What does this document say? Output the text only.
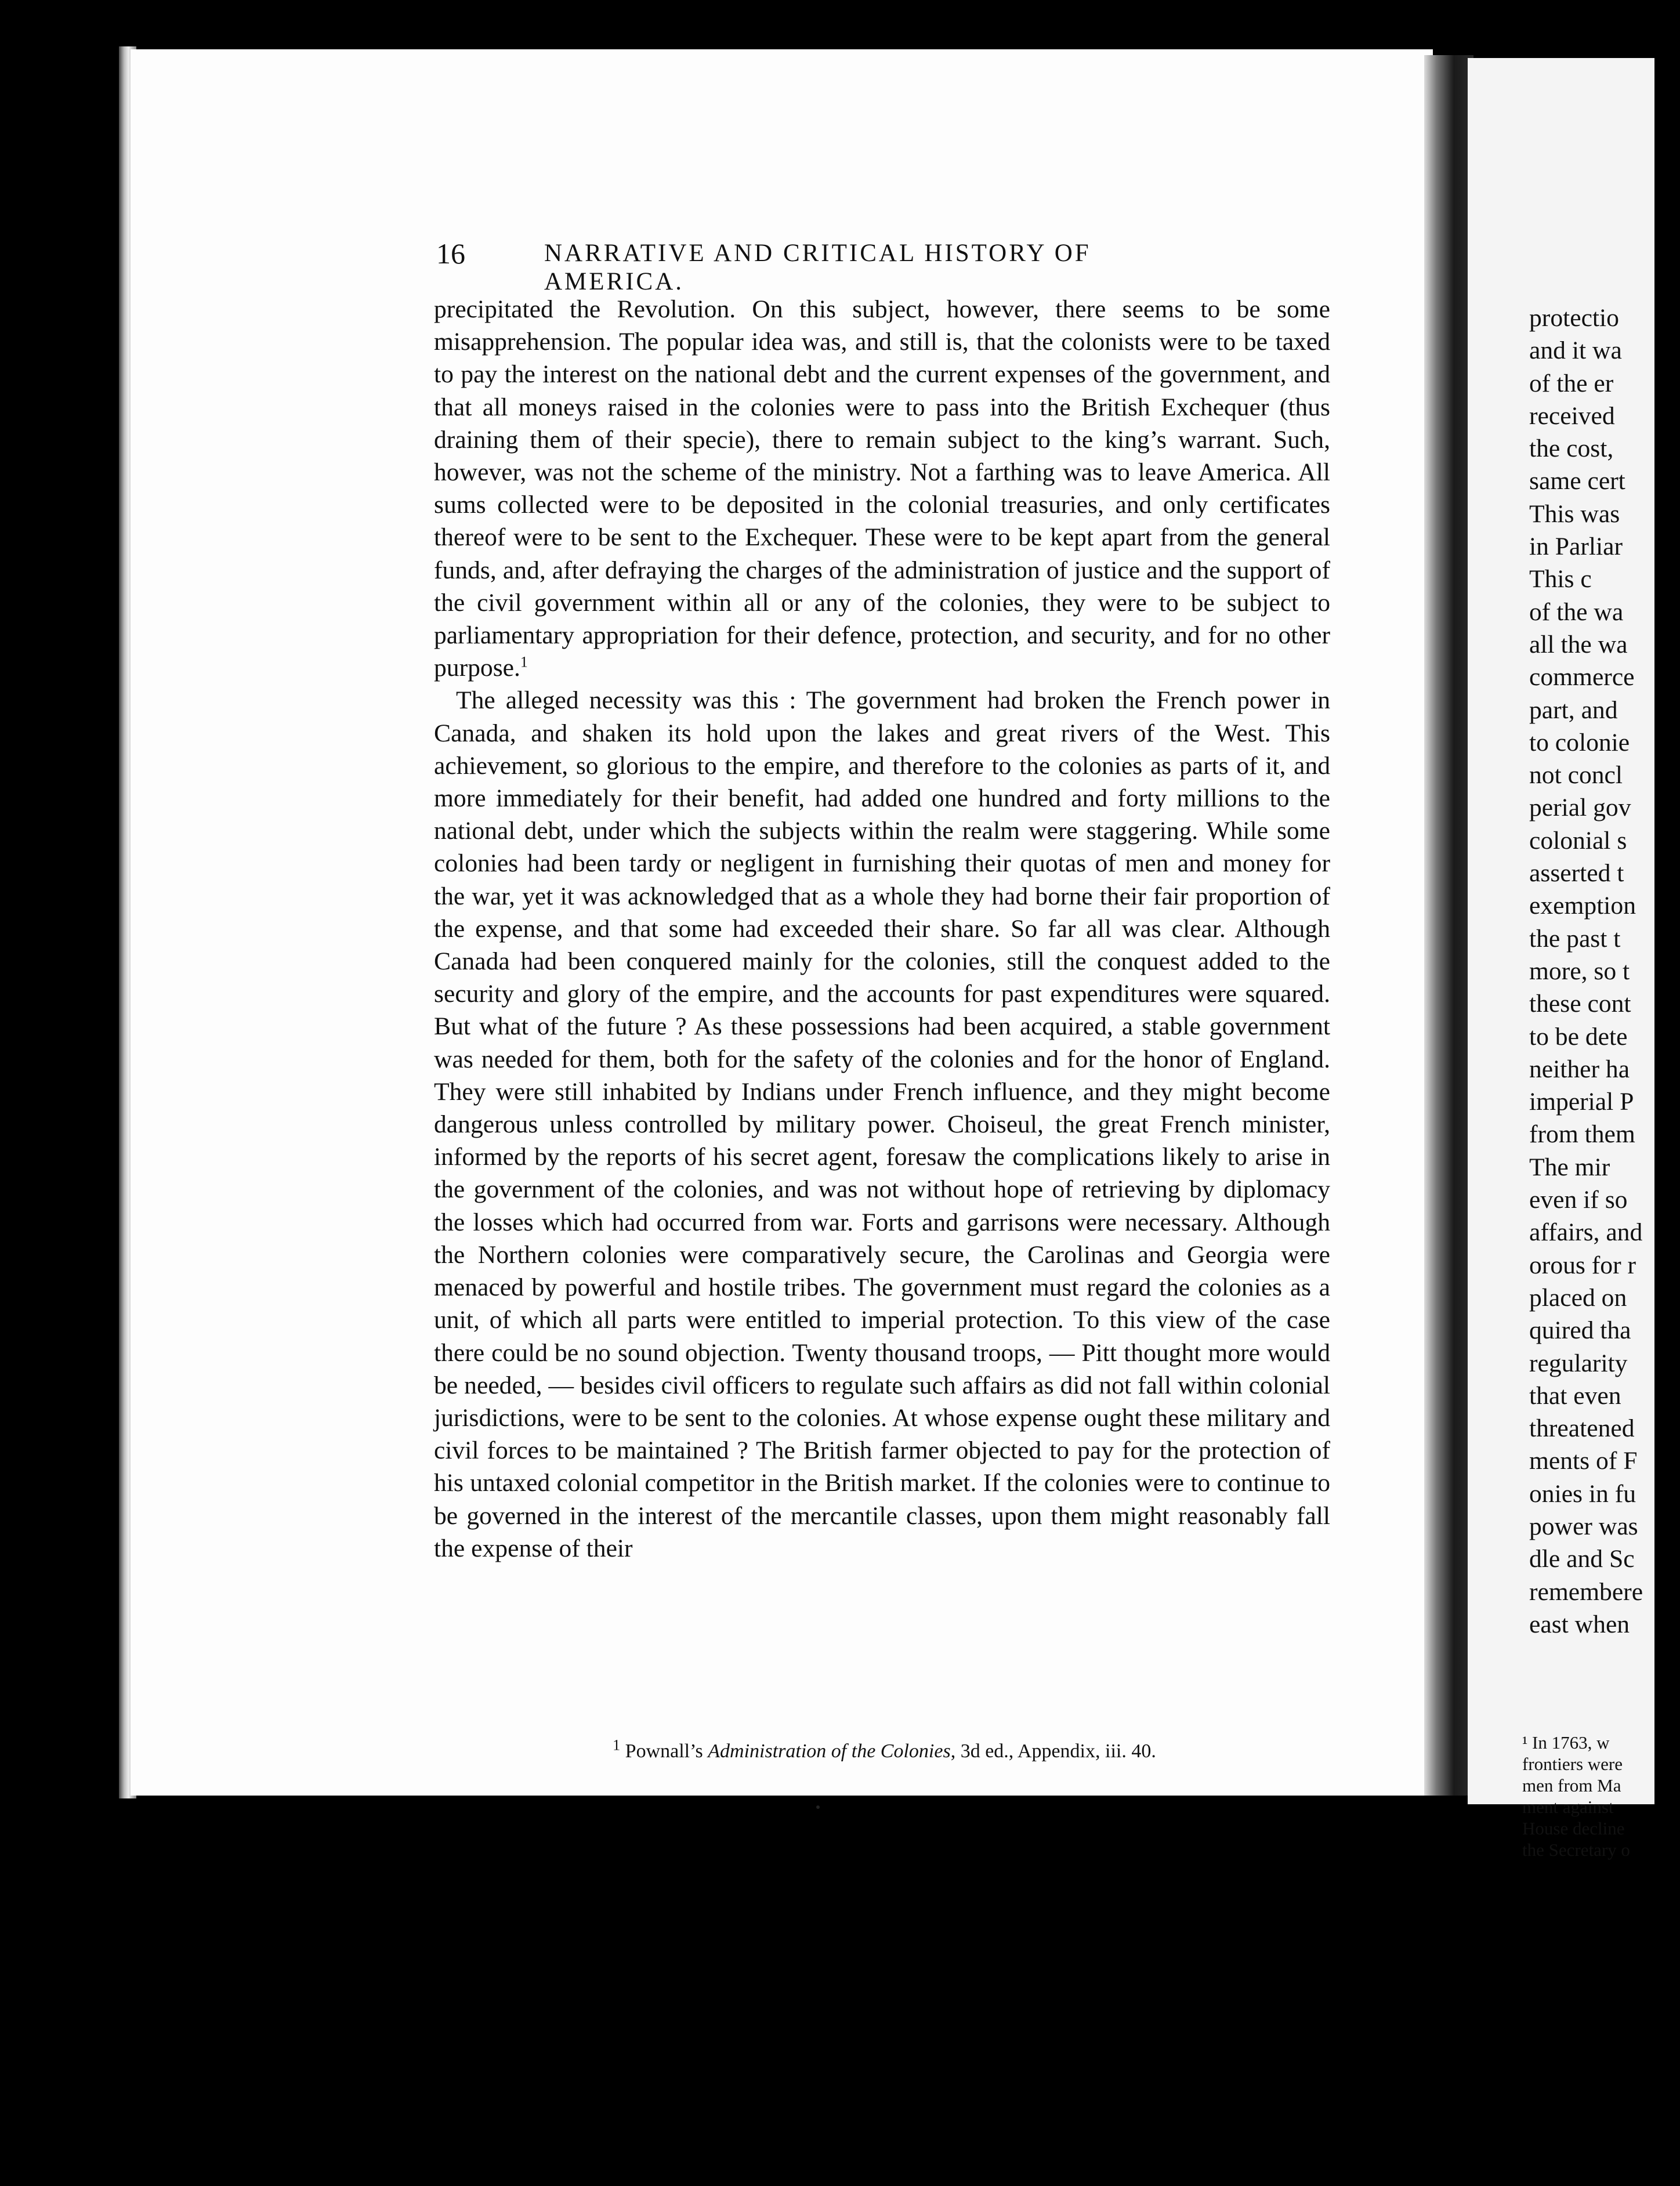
16	NARRATIVE AND CRITICAL HISTORY OF AMERICA.

precipitated the Revolution. On this subject, however, there seems to be some misapprehension. The popular idea was, and still is, that the colonists were to be taxed to pay the interest on the national debt and the current expenses of the government, and that all moneys raised in the colonies were to pass into the British Exchequer (thus draining them of their specie), there to remain subject to the king’s warrant. Such, however, was not the scheme of the ministry. Not a farthing was to leave America. All sums collected were to be deposited in the colonial treasuries, and only certificates thereof were to be sent to the Exchequer. These were to be kept apart from the general funds, and, after defraying the charges of the administration of justice and the support of the civil government within all or any of the colonies, they were to be subject to parliamentary appropriation for their defence, protection, and security, and for no other purpose.$^1$

The alleged necessity was this : The government had broken the French power in Canada, and shaken its hold upon the lakes and great rivers of the West. This achievement, so glorious to the empire, and therefore to the colonies as parts of it, and more immediately for their benefit, had added one hundred and forty millions to the national debt, under which the subjects within the realm were staggering. While some colonies had been tardy or negligent in furnishing their quotas of men and money for the war, yet it was acknowledged that as a whole they had borne their fair proportion of the expense, and that some had exceeded their share. So far all was clear. Although Canada had been conquered mainly for the colonies, still the conquest added to the security and glory of the empire, and the accounts for past expenditures were squared. But what of the future ? As these possessions had been acquired, a stable government was needed for them, both for the safety of the colonies and for the honor of England. They were still inhabited by Indians under French influence, and they might become dangerous unless controlled by military power. Choiseul, the great French minister, informed by the reports of his secret agent, foresaw the complications likely to arise in the government of the colonies, and was not without hope of retrieving by diplomacy the losses which had occurred from war. Forts and garrisons were necessary. Although the Northern colonies were comparatively secure, the Carolinas and Georgia were menaced by powerful and hostile tribes. The government must regard the colonies as a unit, of which all parts were entitled to imperial protection. To this view of the case there could be no sound objection. Twenty thousand troops, — Pitt thought more would be needed, — besides civil officers to regulate such affairs as did not fall within colonial jurisdictions, were to be sent to the colonies. At whose expense ought these military and civil forces to be maintained ? The British farmer objected to pay for the protection of his untaxed colonial competitor in the British market. If the colonies were to continue to be governed in the interest of the mercantile classes, upon them might reasonably fall the expense of their

$^1$ Pownall’s Administration of the Colonies, 3d ed., Appendix, iii. 40.
protectio
and it wa
of the er
received
the cost,
same cert
This was
in Parliar
This c
of the wa
all the wa
commerce
part, and
to colonie
not concl
perial gov
colonial s
asserted t
exemption
the past t
more, so t
these cont
to be dete
neither ha
imperial P
from them
The mir
even if so
affairs, and
orous for r
placed on
quired tha
regularity
that even
threatened
ments of F
onies in fu
power was
dle and Sc
remembere
east when
¹ In 1763, w
frontiers were
men from Ma
ment against
House decline
the Secretary o
